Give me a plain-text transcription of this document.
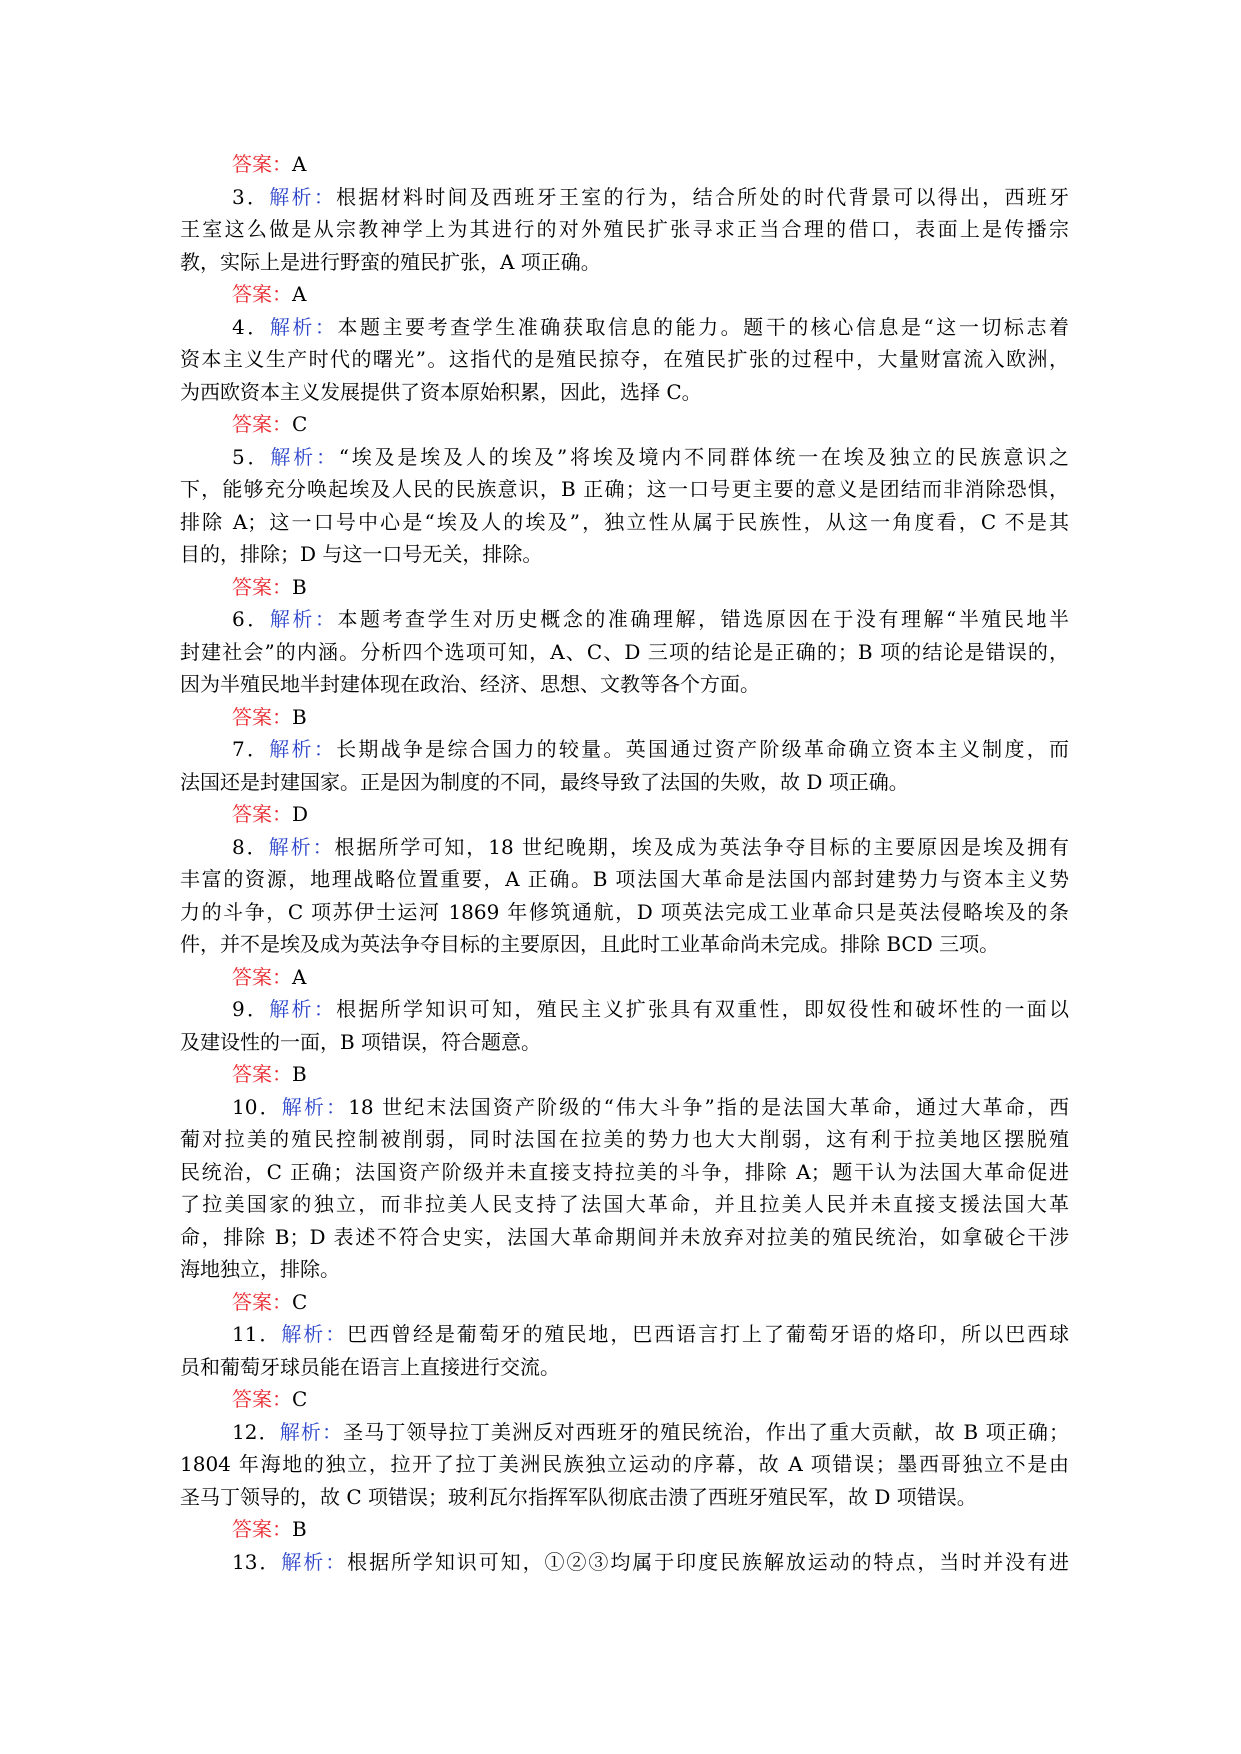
答案：A
3．解析：根据材料时间及西班牙王室的行为，结合所处的时代背景可以得出，西班牙
王室这么做是从宗教神学上为其进行的对外殖民扩张寻求正当合理的借口，表面上是传播宗
教，实际上是进行野蛮的殖民扩张，A 项正确。
答案：A
4．解析：本题主要考查学生准确获取信息的能力。题干的核心信息是“这一切标志着
资本主义生产时代的曙光”。这指代的是殖民掠夺，在殖民扩张的过程中，大量财富流入欧洲，
为西欧资本主义发展提供了资本原始积累，因此，选择 C。
答案：C
5．解析：“埃及是埃及人的埃及”将埃及境内不同群体统一在埃及独立的民族意识之
下，能够充分唤起埃及人民的民族意识，B 正确；这一口号更主要的意义是团结而非消除恐惧，
排除 A；这一口号中心是“埃及人的埃及”，独立性从属于民族性，从这一角度看，C 不是其
目的，排除；D 与这一口号无关，排除。
答案：B
6．解析：本题考查学生对历史概念的准确理解，错选原因在于没有理解“半殖民地半
封建社会”的内涵。分析四个选项可知，A、C、D 三项的结论是正确的；B 项的结论是错误的，
因为半殖民地半封建体现在政治、经济、思想、文教等各个方面。
答案：B
7．解析：长期战争是综合国力的较量。英国通过资产阶级革命确立资本主义制度，而
法国还是封建国家。正是因为制度的不同，最终导致了法国的失败，故 D 项正确。
答案：D
8．解析：根据所学可知，18 世纪晚期，埃及成为英法争夺目标的主要原因是埃及拥有
丰富的资源，地理战略位置重要，A 正确。B 项法国大革命是法国内部封建势力与资本主义势
力的斗争，C 项苏伊士运河 1869 年修筑通航，D 项英法完成工业革命只是英法侵略埃及的条
件，并不是埃及成为英法争夺目标的主要原因，且此时工业革命尚未完成。排除 BCD 三项。
答案：A
9．解析：根据所学知识可知，殖民主义扩张具有双重性，即奴役性和破坏性的一面以
及建设性的一面，B 项错误，符合题意。
答案：B
10．解析：18 世纪末法国资产阶级的“伟大斗争”指的是法国大革命，通过大革命，西
葡对拉美的殖民控制被削弱，同时法国在拉美的势力也大大削弱，这有利于拉美地区摆脱殖
民统治，C 正确；法国资产阶级并未直接支持拉美的斗争，排除 A；题干认为法国大革命促进
了拉美国家的独立，而非拉美人民支持了法国大革命，并且拉美人民并未直接支援法国大革
命，排除 B；D 表述不符合史实，法国大革命期间并未放弃对拉美的殖民统治，如拿破仑干涉
海地独立，排除。
答案：C
11．解析：巴西曾经是葡萄牙的殖民地，巴西语言打上了葡萄牙语的烙印，所以巴西球
员和葡萄牙球员能在语言上直接进行交流。
答案：C
12．解析：圣马丁领导拉丁美洲反对西班牙的殖民统治，作出了重大贡献，故 B 项正确；
1804 年海地的独立，拉开了拉丁美洲民族独立运动的序幕，故 A 项错误；墨西哥独立不是由
圣马丁领导的，故 C 项错误；玻利瓦尔指挥军队彻底击溃了西班牙殖民军，故 D 项错误。
答案：B
13．解析：根据所学知识可知，①②③均属于印度民族解放运动的特点，当时并没有进
